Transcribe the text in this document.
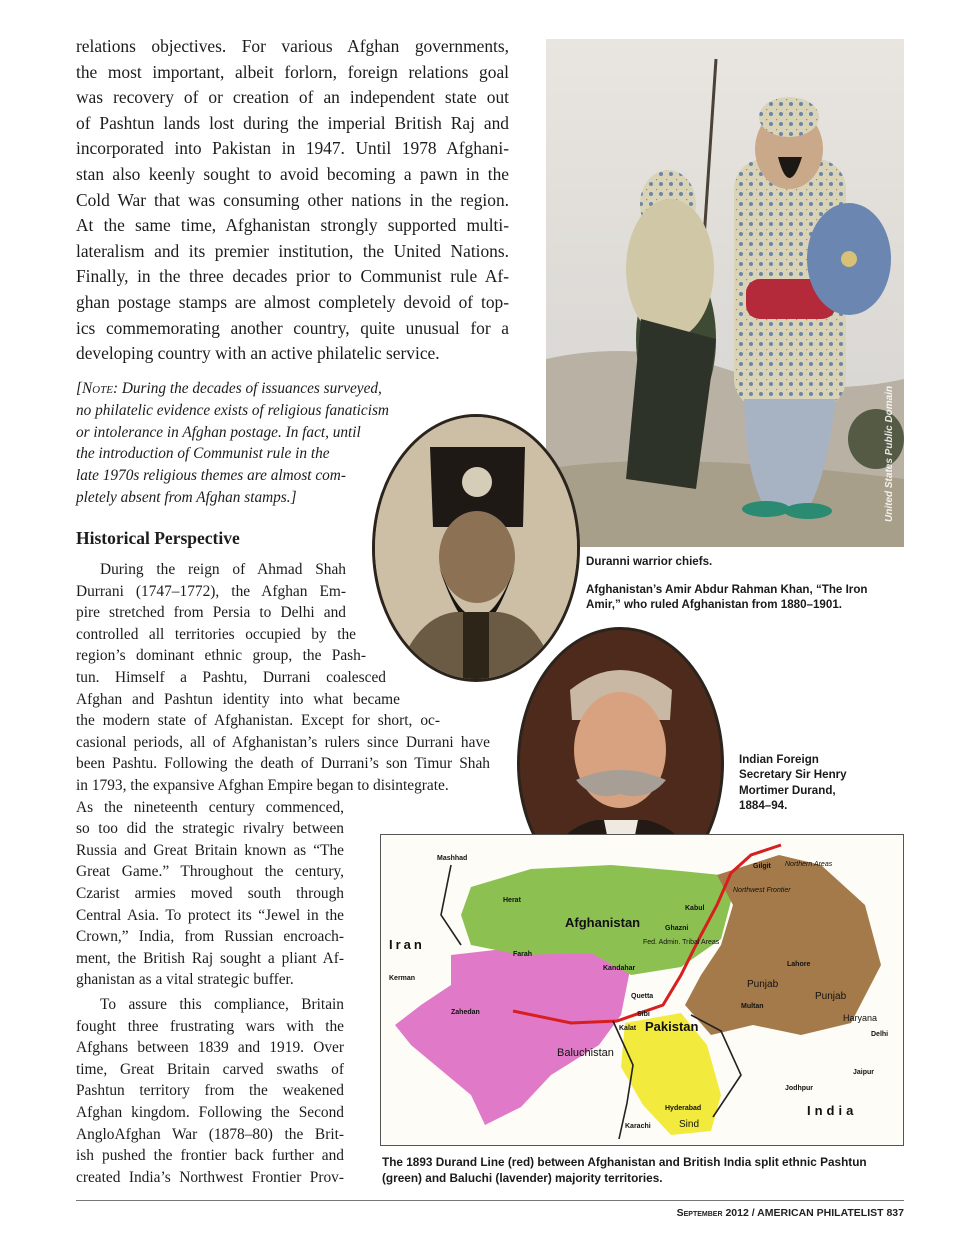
relations objectives. For various Afghan governments,
the most important, albeit forlorn, foreign relations goal
was recovery of or creation of an independent state out
of Pashtun lands lost during the imperial British Raj and
incorporated into Pakistan in 1947. Until 1978 Afghani-
stan also keenly sought to avoid becoming a pawn in the
Cold War that was consuming other nations in the region.
At the same time, Afghanistan strongly supported multi-
lateralism and its premier institution, the United Nations.
Finally, in the three decades prior to Communist rule Af-
ghan postage stamps are almost completely devoid of top-
ics commemorating another country, quite unusual for a
developing country with an active philatelic service.
[Note: During the decades of issuances surveyed,
no philatelic evidence exists of religious fanaticism
or intolerance in Afghan postage. In fact, until
the introduction of Communist rule in the
late 1970s religious themes are almost com-
pletely absent from Afghan stamps.]
Historical Perspective
During the reign of Ahmad Shah
Durrani (1747–1772), the Afghan Em-
pire stretched from Persia to Delhi and
controlled all territories occupied by the
region’s dominant ethnic group, the Pash-
tun. Himself a Pashtu, Durrani coalesced
Afghan and Pashtun identity into what became
the modern state of Afghanistan. Except for short, oc-
casional periods, all of Afghanistan’s rulers since Durrani have
been Pashtu. Following the death of Durrani’s son Timur Shah
in 1793, the expansive Afghan Empire began to disintegrate.
As the nineteenth century commenced,
so too did the strategic rivalry between
Russia and Great Britain known as “The
Great Game.” Throughout the century,
Czarist armies moved south through
Central Asia. To protect its “Jewel in the
Crown,” India, from Russian encroach-
ment, the British Raj sought a pliant Af-
ghanistan as a vital strategic buffer.
To assure this compliance, Britain
fought three frustrating wars with the
Afghans between 1839 and 1919. Over
time, Great Britain carved swaths of
Pashtun territory from the weakened
Afghan kingdom. Following the Second
AngloAfghan War (1878–80) the Brit-
ish pushed the frontier back further and
created India’s Northwest Frontier Prov-
United States Public Domain
Duranni warrior chiefs.
Afghanistan’s Amir Abdur Rahman Khan, “The Iron
Amir,” who ruled Afghanistan from 1880–1901.
Indian Foreign
Secretary Sir Henry
Mortimer Durand,
1884–94.
Iran
Afghanistan
Pakistan
India
Baluchistan
Punjab
Punjab
Sind
Haryana
Kabul
Kandahar
Herat
Mashhad
Zahedan
Quetta
Karachi
Delhi
Kerman
Gilgit Northern Areas
Northwest Frontier
Fed. Admin. Tribal Areas
Lahore
Multan
Hyderabad
Jaipur
Jodhpur
Ghazni
Farah
Sibi
Kalat
The 1893 Durand Line (red) between Afghanistan and British India split ethnic Pashtun
(green) and Baluchi (lavender) majority territories.
September 2012 / AMERICAN PHILATELIST 837
